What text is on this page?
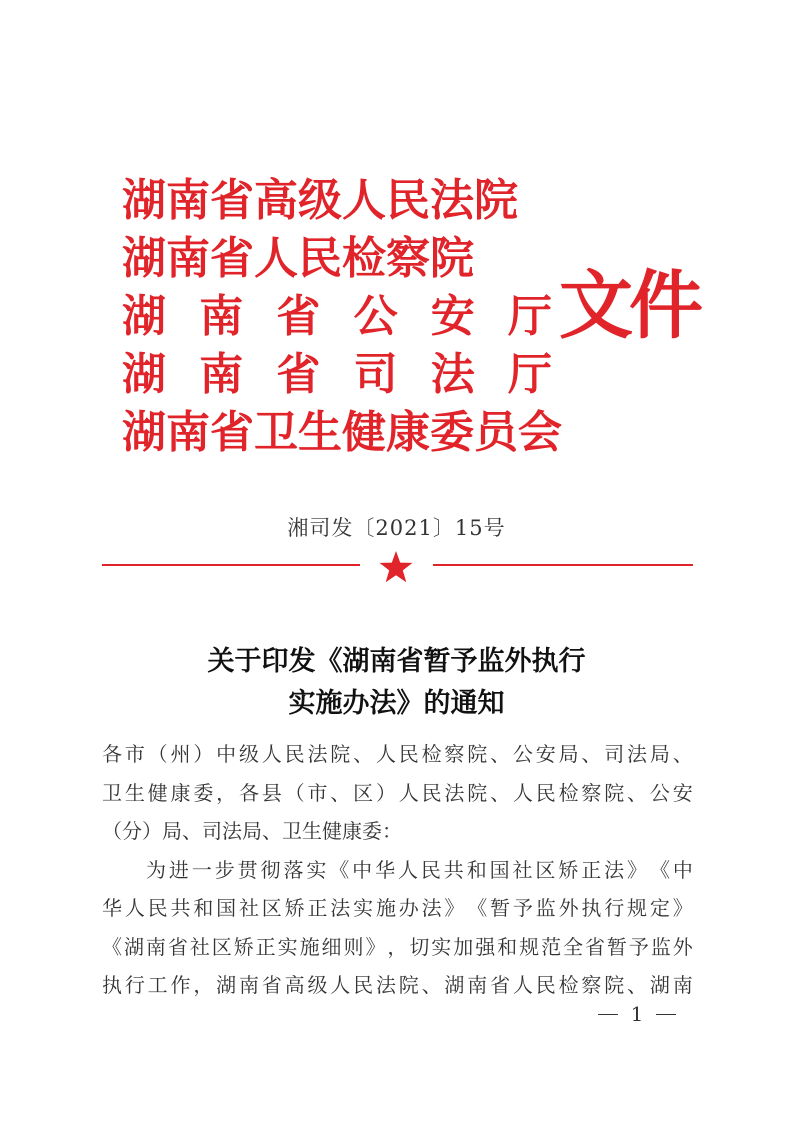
湖南省高级人民法院
湖南省人民检察院
湖 南 省 公 安 厅
湖 南 省 司 法 厅
湖南省卫生健康委员会
文件
湘司发〔2021〕15号
关于印发《湖南省暂予监外执行
实施办法》的通知
各 市 （ 州 ） 中 级 人 民 法 院 、 人 民 检 察 院 、 公 安 局 、 司 法 局 、
卫 生 健 康 委 ， 各 县 （ 市 、 区 ） 人 民 法 院 、 人 民 检 察 院 、 公 安
（分）局、司法局、卫生健康委：
为 进 一 步 贯 彻 落 实 《 中 华 人 民 共 和 国 社 区 矫 正 法 》 《 中
华 人 民 共 和 国 社 区 矫 正 法 实 施 办 法 》 《 暂 予 监 外 执 行 规 定 》
《 湖 南 省 社 区 矫 正 实 施 细 则 》 ， 切 实 加 强 和 规 范 全 省 暂 予 监 外
执 行 工 作 ， 湖 南 省 高 级 人 民 法 院 、 湖 南 省 人 民 检 察 院 、 湖 南
1
